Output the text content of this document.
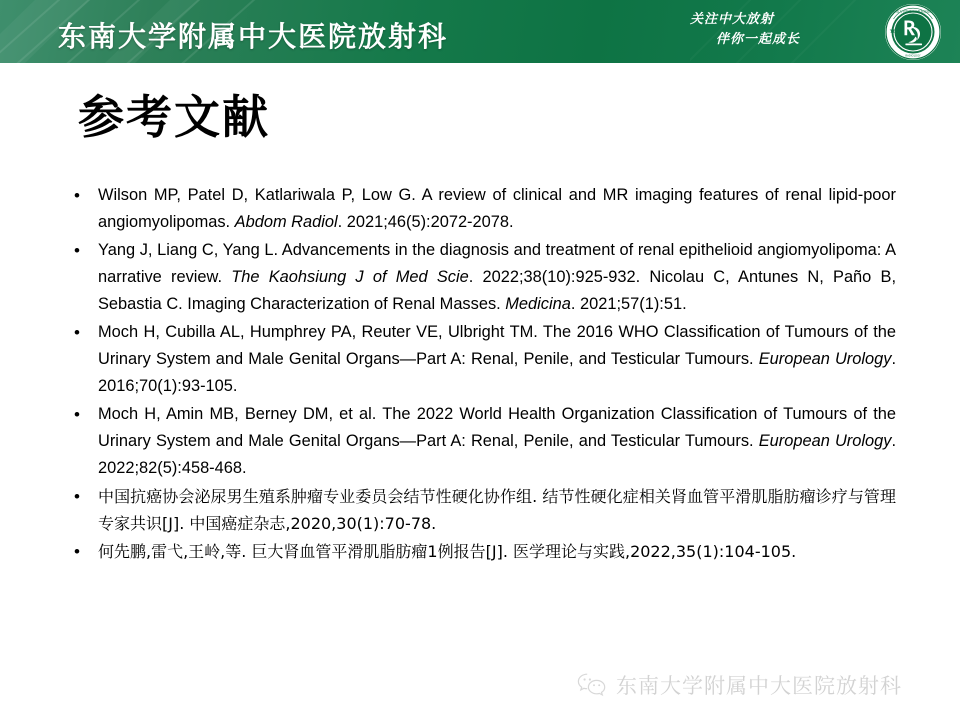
东南大学附属中大医院放射科
关注中大放射
伴你一起成长
东南大学附属中大医院放射科
RADIOLOGY
参考文献
•	Wilson MP, Patel D, Katlariwala P, Low G. A review of clinical and MR imaging features of renal lipid-poor angiomyolipomas. Abdom Radiol. 2021;46(5):2072-2078.
•	Yang J, Liang C, Yang L. Advancements in the diagnosis and treatment of renal epithelioid angiomyolipoma: A narrative review. The Kaohsiung J of Med Scie. 2022;38(10):925-932. Nicolau C, Antunes N, Paño B, Sebastia C. Imaging Characterization of Renal Masses. Medicina. 2021;57(1):51.
•	Moch H, Cubilla AL, Humphrey PA, Reuter VE, Ulbright TM. The 2016 WHO Classification of Tumours of the Urinary System and Male Genital Organs—Part A: Renal, Penile, and Testicular Tumours. European Urology. 2016;70(1):93-105.
•	Moch H, Amin MB, Berney DM, et al. The 2022 World Health Organization Classification of Tumours of the Urinary System and Male Genital Organs—Part A: Renal, Penile, and Testicular Tumours. European Urology. 2022;82(5):458-468.
•	中国抗癌协会泌尿男生殖系肿瘤专业委员会结节性硬化协作组. 结节性硬化症相关肾血管平滑肌脂肪瘤诊疗与管理专家共识[J]. 中国癌症杂志,2020,30(1):70-78.
•	何先鹏,雷弋,王岭,等. 巨大肾血管平滑肌脂肪瘤1例报告[J]. 医学理论与实践,2022,35(1):104-105.
东南大学附属中大医院放射科
